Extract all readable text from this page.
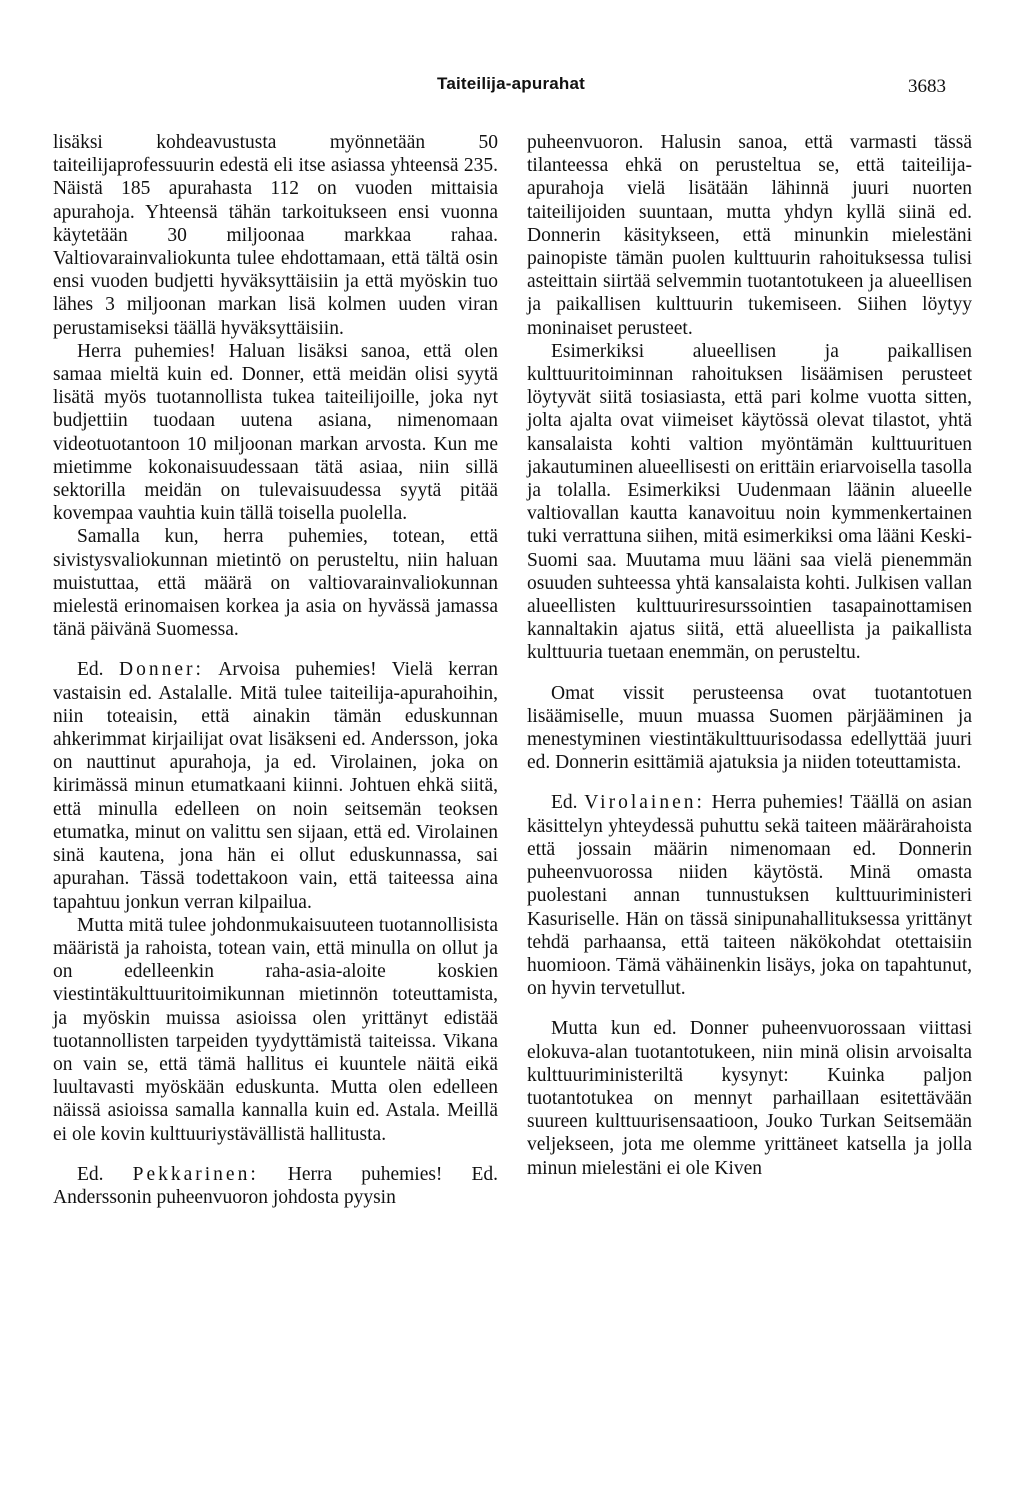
Taiteilija-apurahat	3683

lisäksi kohdeavustusta myönnetään 50 taiteilijaprofessuurin edestä eli itse asiassa yhteensä 235. Näistä 185 apurahasta 112 on vuoden mittaisia apurahoja. Yhteensä tähän tarkoitukseen ensi vuonna käytetään 30 miljoonaa markkaa rahaa. Valtiovarainvaliokunta tulee ehdottamaan, että tältä osin ensi vuoden budjetti hyväksyttäisiin ja että myöskin tuo lähes 3 miljoonan markan lisä kolmen uuden viran perustamiseksi täällä hyväksyttäisiin.

Herra puhemies! Haluan lisäksi sanoa, että olen samaa mieltä kuin ed. Donner, että meidän olisi syytä lisätä myös tuotannollista tukea taiteilijoille, joka nyt budjettiin tuodaan uutena asiana, nimenomaan videotuotantoon 10 miljoonan markan arvosta. Kun me mietimme kokonaisuudessaan tätä asiaa, niin sillä sektorilla meidän on tulevaisuudessa syytä pitää kovempaa vauhtia kuin tällä toisella puolella.

Samalla kun, herra puhemies, totean, että sivistysvaliokunnan mietintö on perusteltu, niin haluan muistuttaa, että määrä on valtiovarainvaliokunnan mielestä erinomaisen korkea ja asia on hyvässä jamassa tänä päivänä Suomessa.

Ed. Donner: Arvoisa puhemies! Vielä kerran vastaisin ed. Astalalle. Mitä tulee taiteilija-apurahoihin, niin toteaisin, että ainakin tämän eduskunnan ahkerimmat kirjailijat ovat lisäkseni ed. Andersson, joka on nauttinut apurahoja, ja ed. Virolainen, joka on kirimässä minun etumatkaani kiinni. Johtuen ehkä siitä, että minulla edelleen on noin seitsemän teoksen etumatka, minut on valittu sen sijaan, että ed. Virolainen sinä kautena, jona hän ei ollut eduskunnassa, sai apurahan. Tässä todettakoon vain, että taiteessa aina tapahtuu jonkun verran kilpailua.

Mutta mitä tulee johdonmukaisuuteen tuotannollisista määristä ja rahoista, totean vain, että minulla on ollut ja on edelleenkin raha-asia-aloite koskien viestintäkulttuuritoimikunnan mietinnön toteuttamista, ja myöskin muissa asioissa olen yrittänyt edistää tuotannollisten tarpeiden tyydyttämistä taiteissa. Vikana on vain se, että tämä hallitus ei kuuntele näitä eikä luultavasti myöskään eduskunta. Mutta olen edelleen näissä asioissa samalla kannalla kuin ed. Astala. Meillä ei ole kovin kulttuuriystävällistä hallitusta.

Ed. Pekkarinen: Herra puhemies! Ed. Anderssonin puheenvuoron johdosta pyysin

puheenvuoron. Halusin sanoa, että varmasti tässä tilanteessa ehkä on perusteltua se, että taiteilija-apurahoja vielä lisätään lähinnä juuri nuorten taiteilijoiden suuntaan, mutta yhdyn kyllä siinä ed. Donnerin käsitykseen, että minunkin mielestäni painopiste tämän puolen kulttuurin rahoituksessa tulisi asteittain siirtää selvemmin tuotantotukeen ja alueellisen ja paikallisen kulttuurin tukemiseen. Siihen löytyy moninaiset perusteet.

Esimerkiksi alueellisen ja paikallisen kulttuuritoiminnan rahoituksen lisäämisen perusteet löytyvät siitä tosiasiasta, että pari kolme vuotta sitten, jolta ajalta ovat viimeiset käytössä olevat tilastot, yhtä kansalaista kohti valtion myöntämän kulttuurituen jakautuminen alueellisesti on erittäin eriarvoisella tasolla ja tolalla. Esimerkiksi Uudenmaan läänin alueelle valtiovallan kautta kanavoituu noin kymmenkertainen tuki verrattuna siihen, mitä esimerkiksi oma lääni Keski-Suomi saa. Muutama muu lääni saa vielä pienemmän osuuden suhteessa yhtä kansalaista kohti. Julkisen vallan alueellisten kulttuuriresurssointien tasapainottamisen kannaltakin ajatus siitä, että alueellista ja paikallista kulttuuria tuetaan enemmän, on perusteltu.

Omat vissit perusteensa ovat tuotantotuen lisäämiselle, muun muassa Suomen pärjääminen ja menestyminen viestintäkulttuurisodassa edellyttää juuri ed. Donnerin esittämiä ajatuksia ja niiden toteuttamista.

Ed. Virolainen: Herra puhemies! Täällä on asian käsittelyn yhteydessä puhuttu sekä taiteen määrärahoista että jossain määrin nimenomaan ed. Donnerin puheenvuorossa niiden käytöstä. Minä omasta puolestani annan tunnustuksen kulttuuriministeri Kasuriselle. Hän on tässä sinipunahallituksessa yrittänyt tehdä parhaansa, että taiteen näkökohdat otettaisiin huomioon. Tämä vähäinenkin lisäys, joka on tapahtunut, on hyvin tervetullut.

Mutta kun ed. Donner puheenvuorossaan viittasi elokuva-alan tuotantotukeen, niin minä olisin arvoisalta kulttuuriministeriltä kysynyt: Kuinka paljon tuotantotukea on mennyt parhaillaan esitettävään suureen kulttuurisensaatioon, Jouko Turkan Seitsemään veljekseen, jota me olemme yrittäneet katsella ja jolla minun mielestäni ei ole Kiven
